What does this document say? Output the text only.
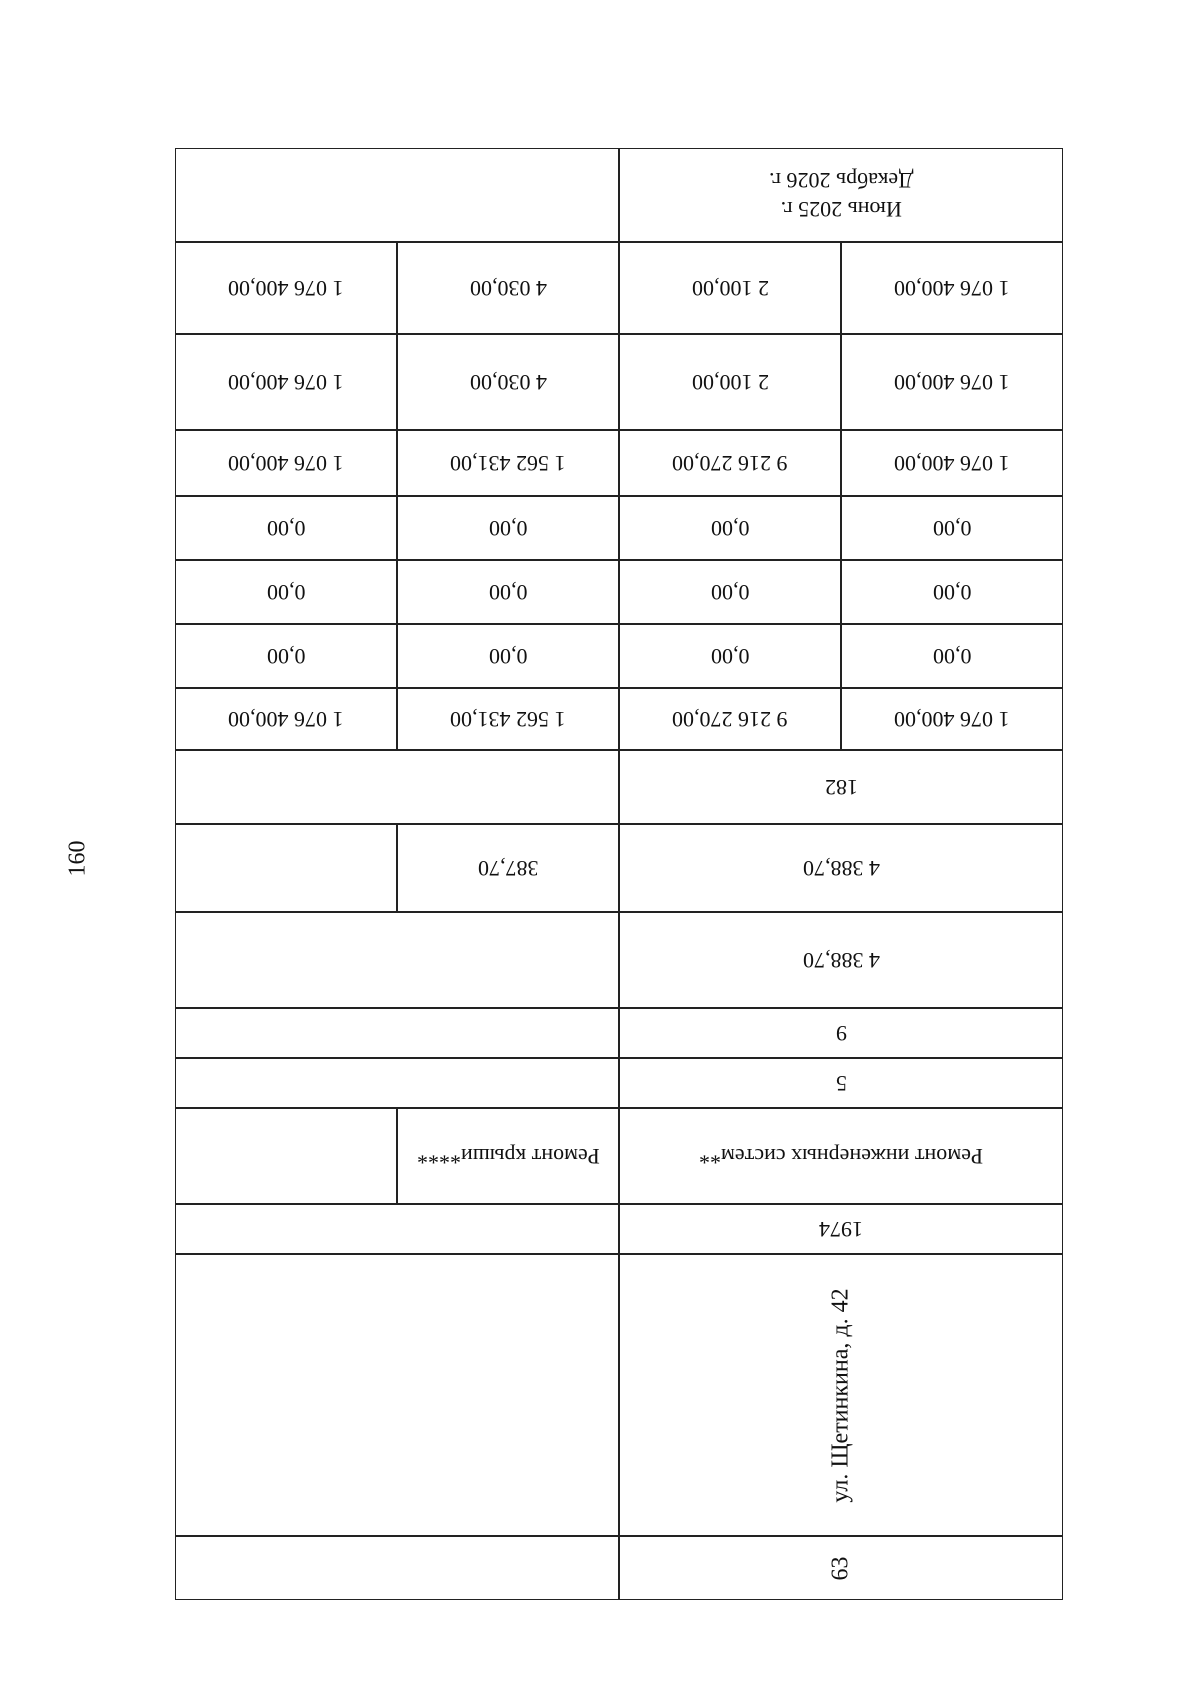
160
Июнь 2025 г.
Декабрь 2026 г.
1 076 400,00
2 100,00
4 030,00
1 076 400,00
1 076 400,00
2 100,00
4 030,00
1 076 400,00
1 076 400,00
9 216 270,00
1 562 431,00
1 076 400,00
0,00
0,00
0,00
0,00
0,00
0,00
0,00
0,00
0,00
0,00
0,00
0,00
1 076 400,00
9 216 270,00
1 562 431,00
1 076 400,00
182
4 388,70
387,70
4 388,70
9
5
Ремонт инженерных систем**
Ремонт крыши****
1974
ул. Щетинкина, д. 42
63
